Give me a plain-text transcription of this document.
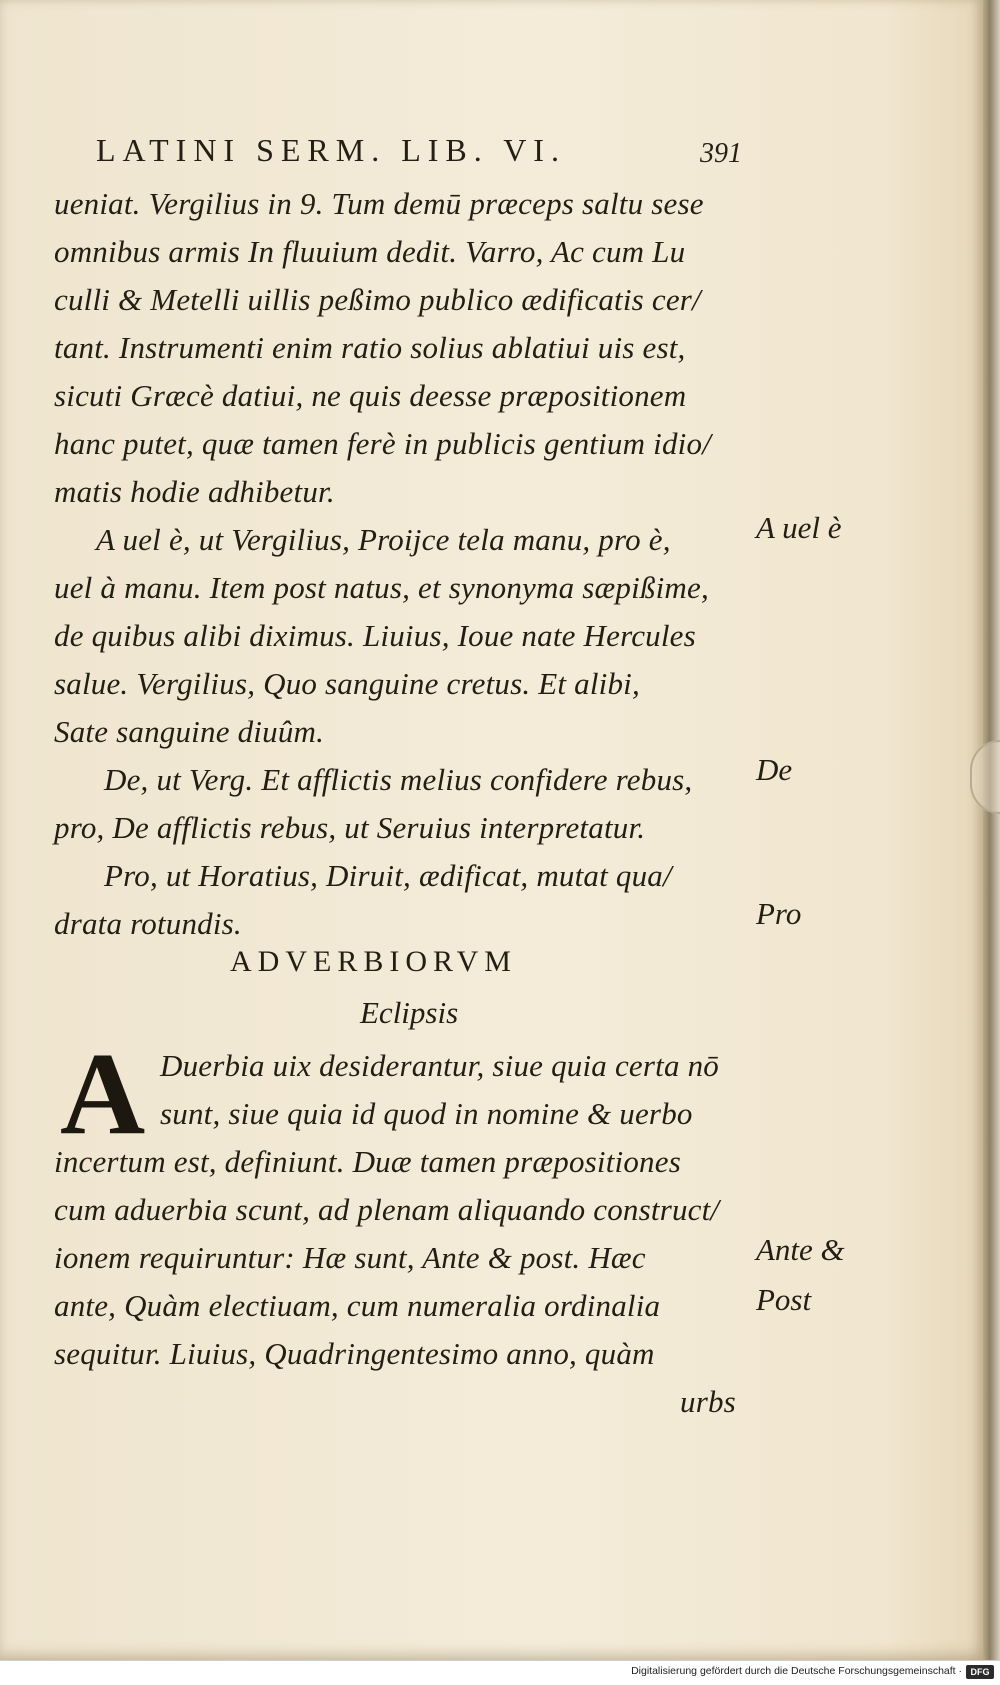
LATINI SERM. LIB. VI.	391
ueniat. Vergilius in 9. Tum demū præceps saltu sese
omnibus armis In fluuium dedit. Varro, Ac cum Lu
culli & Metelli uillis peßimo publico ædificatis cer/
tant. Instrumenti enim ratio solius ablatiui uis est,
sicuti Græcè datiui, ne quis deesse præpositionem
hanc putet, quæ tamen ferè in publicis gentium idio/
matis hodie adhibetur.
A uel è, ut Vergilius, Proijce tela manu, pro è,
uel à manu. Item post natus, et synonyma sæpißime,
de quibus alibi diximus. Liuius, Ioue nate Hercules
salue. Vergilius, Quo sanguine cretus. Et alibi,
Sate sanguine diuûm.
De, ut Verg. Et afflictis melius confidere rebus,
pro, De afflictis rebus, ut Seruius interpretatur.
Pro, ut Horatius, Diruit, ædificat, mutat qua/
drata rotundis.
ADVERBIORVM
Eclipsis
A Duerbia uix desiderantur, siue quia certa nō
sunt, siue quia id quod in nomine & uerbo
incertum est, definiunt. Duæ tamen præpositiones
cum aduerbia scunt, ad plenam aliquando construct/
ionem requiruntur: Hæ sunt, Ante & post. Hæc
ante, Quàm electiuam, cum numeralia ordinalia
sequitur. Liuius, Quadringentesimo anno, quàm
urbs
A uel è
De
Pro
Ante &
Post
Digitalisierung gefördert durch die Deutsche Forschungsgemeinschaft · DFG
